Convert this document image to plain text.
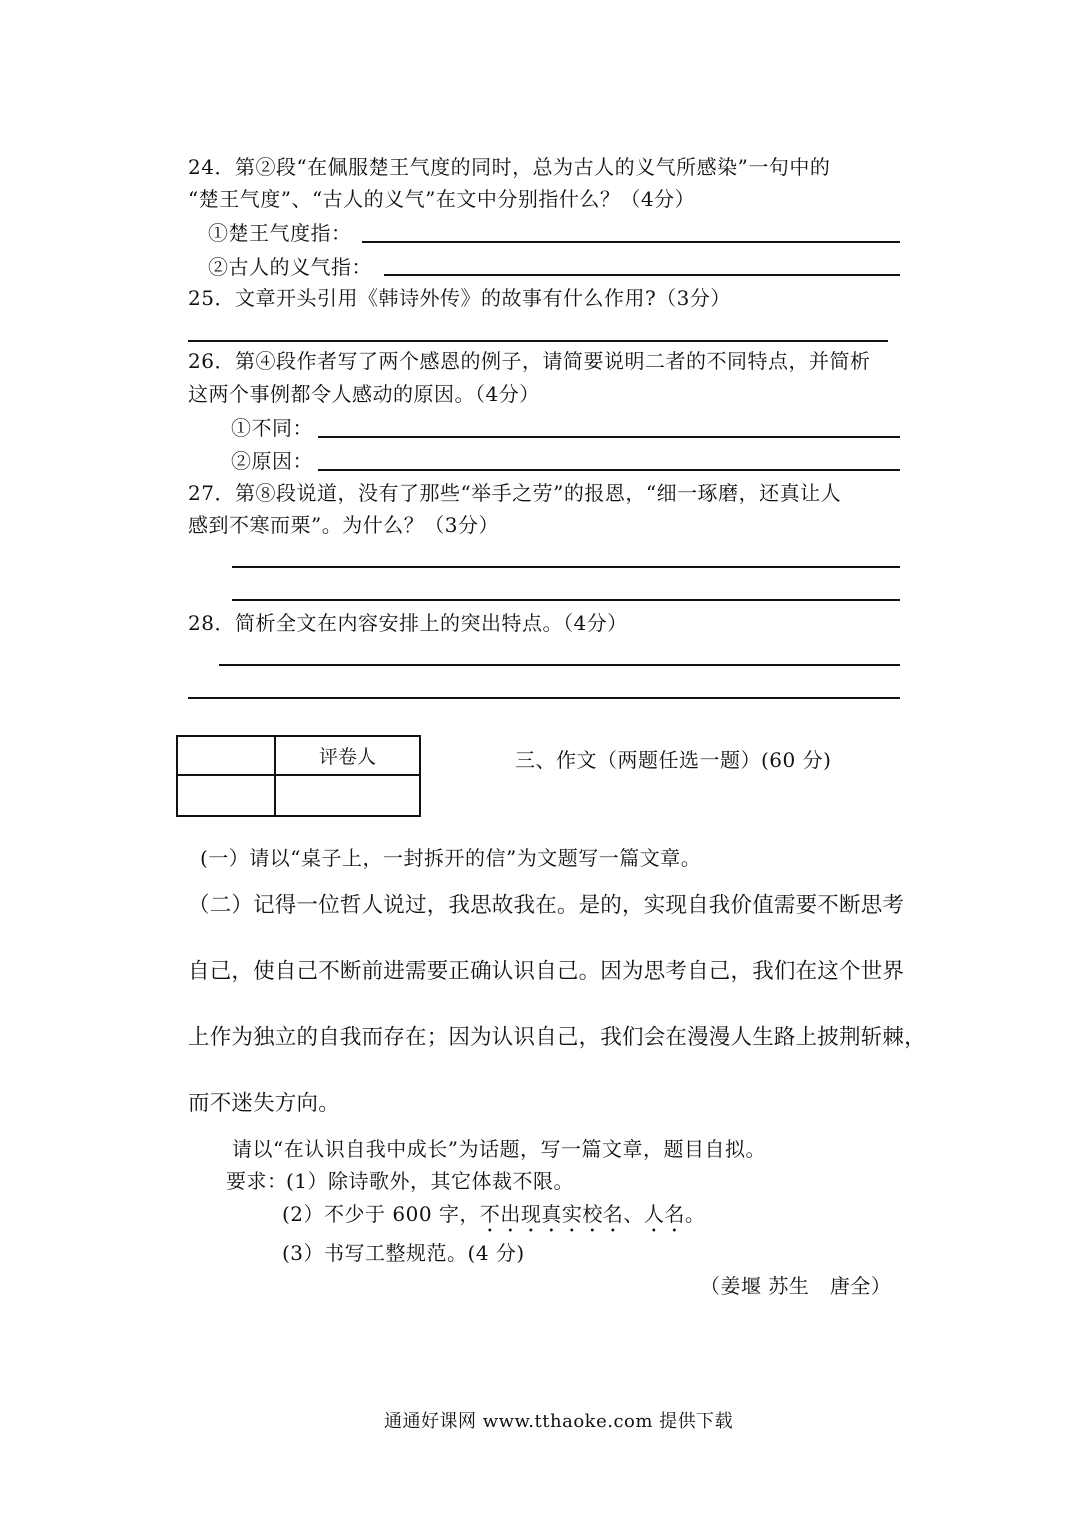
24．第②段“在佩服楚王气度的同时，总为古人的义气所感染”一句中的
“楚王气度”、“古人的义气”在文中分别指什么？（4分）
①楚王气度指：
②古人的义气指：
25．文章开头引用《韩诗外传》的故事有什么作用?（3分）
26．第④段作者写了两个感恩的例子，请简要说明二者的不同特点，并简析
这两个事例都令人感动的原因。（4分）
①不同：
②原因：
27．第⑧段说道，没有了那些“举手之劳”的报恩，“细一琢磨，还真让人
感到不寒而栗”。为什么？（3分）
28．简析全文在内容安排上的突出特点。（4分）
	评卷人
		三、作文（两题任选一题）(60 分)
(一）请以“桌子上，一封拆开的信”为文题写一篇文章。
（二）记得一位哲人说过，我思故我在。是的，实现自我价值需要不断思考
自己，使自己不断前进需要正确认识自己。因为思考自己，我们在这个世界
上作为独立的自我而存在；因为认识自己，我们会在漫漫人生路上披荆斩棘，
而不迷失方向。
请以“在认识自我中成长”为话题，写一篇文章，题目自拟。
要求：
(1）除诗歌外，其它体裁不限。
(2）不少于 600 字，不出现真实校名、人名。
(3）书写工整规范。(4 分)
（姜堰 苏生　唐全）
通通好课网 www.tthaoke.com 提供下载
